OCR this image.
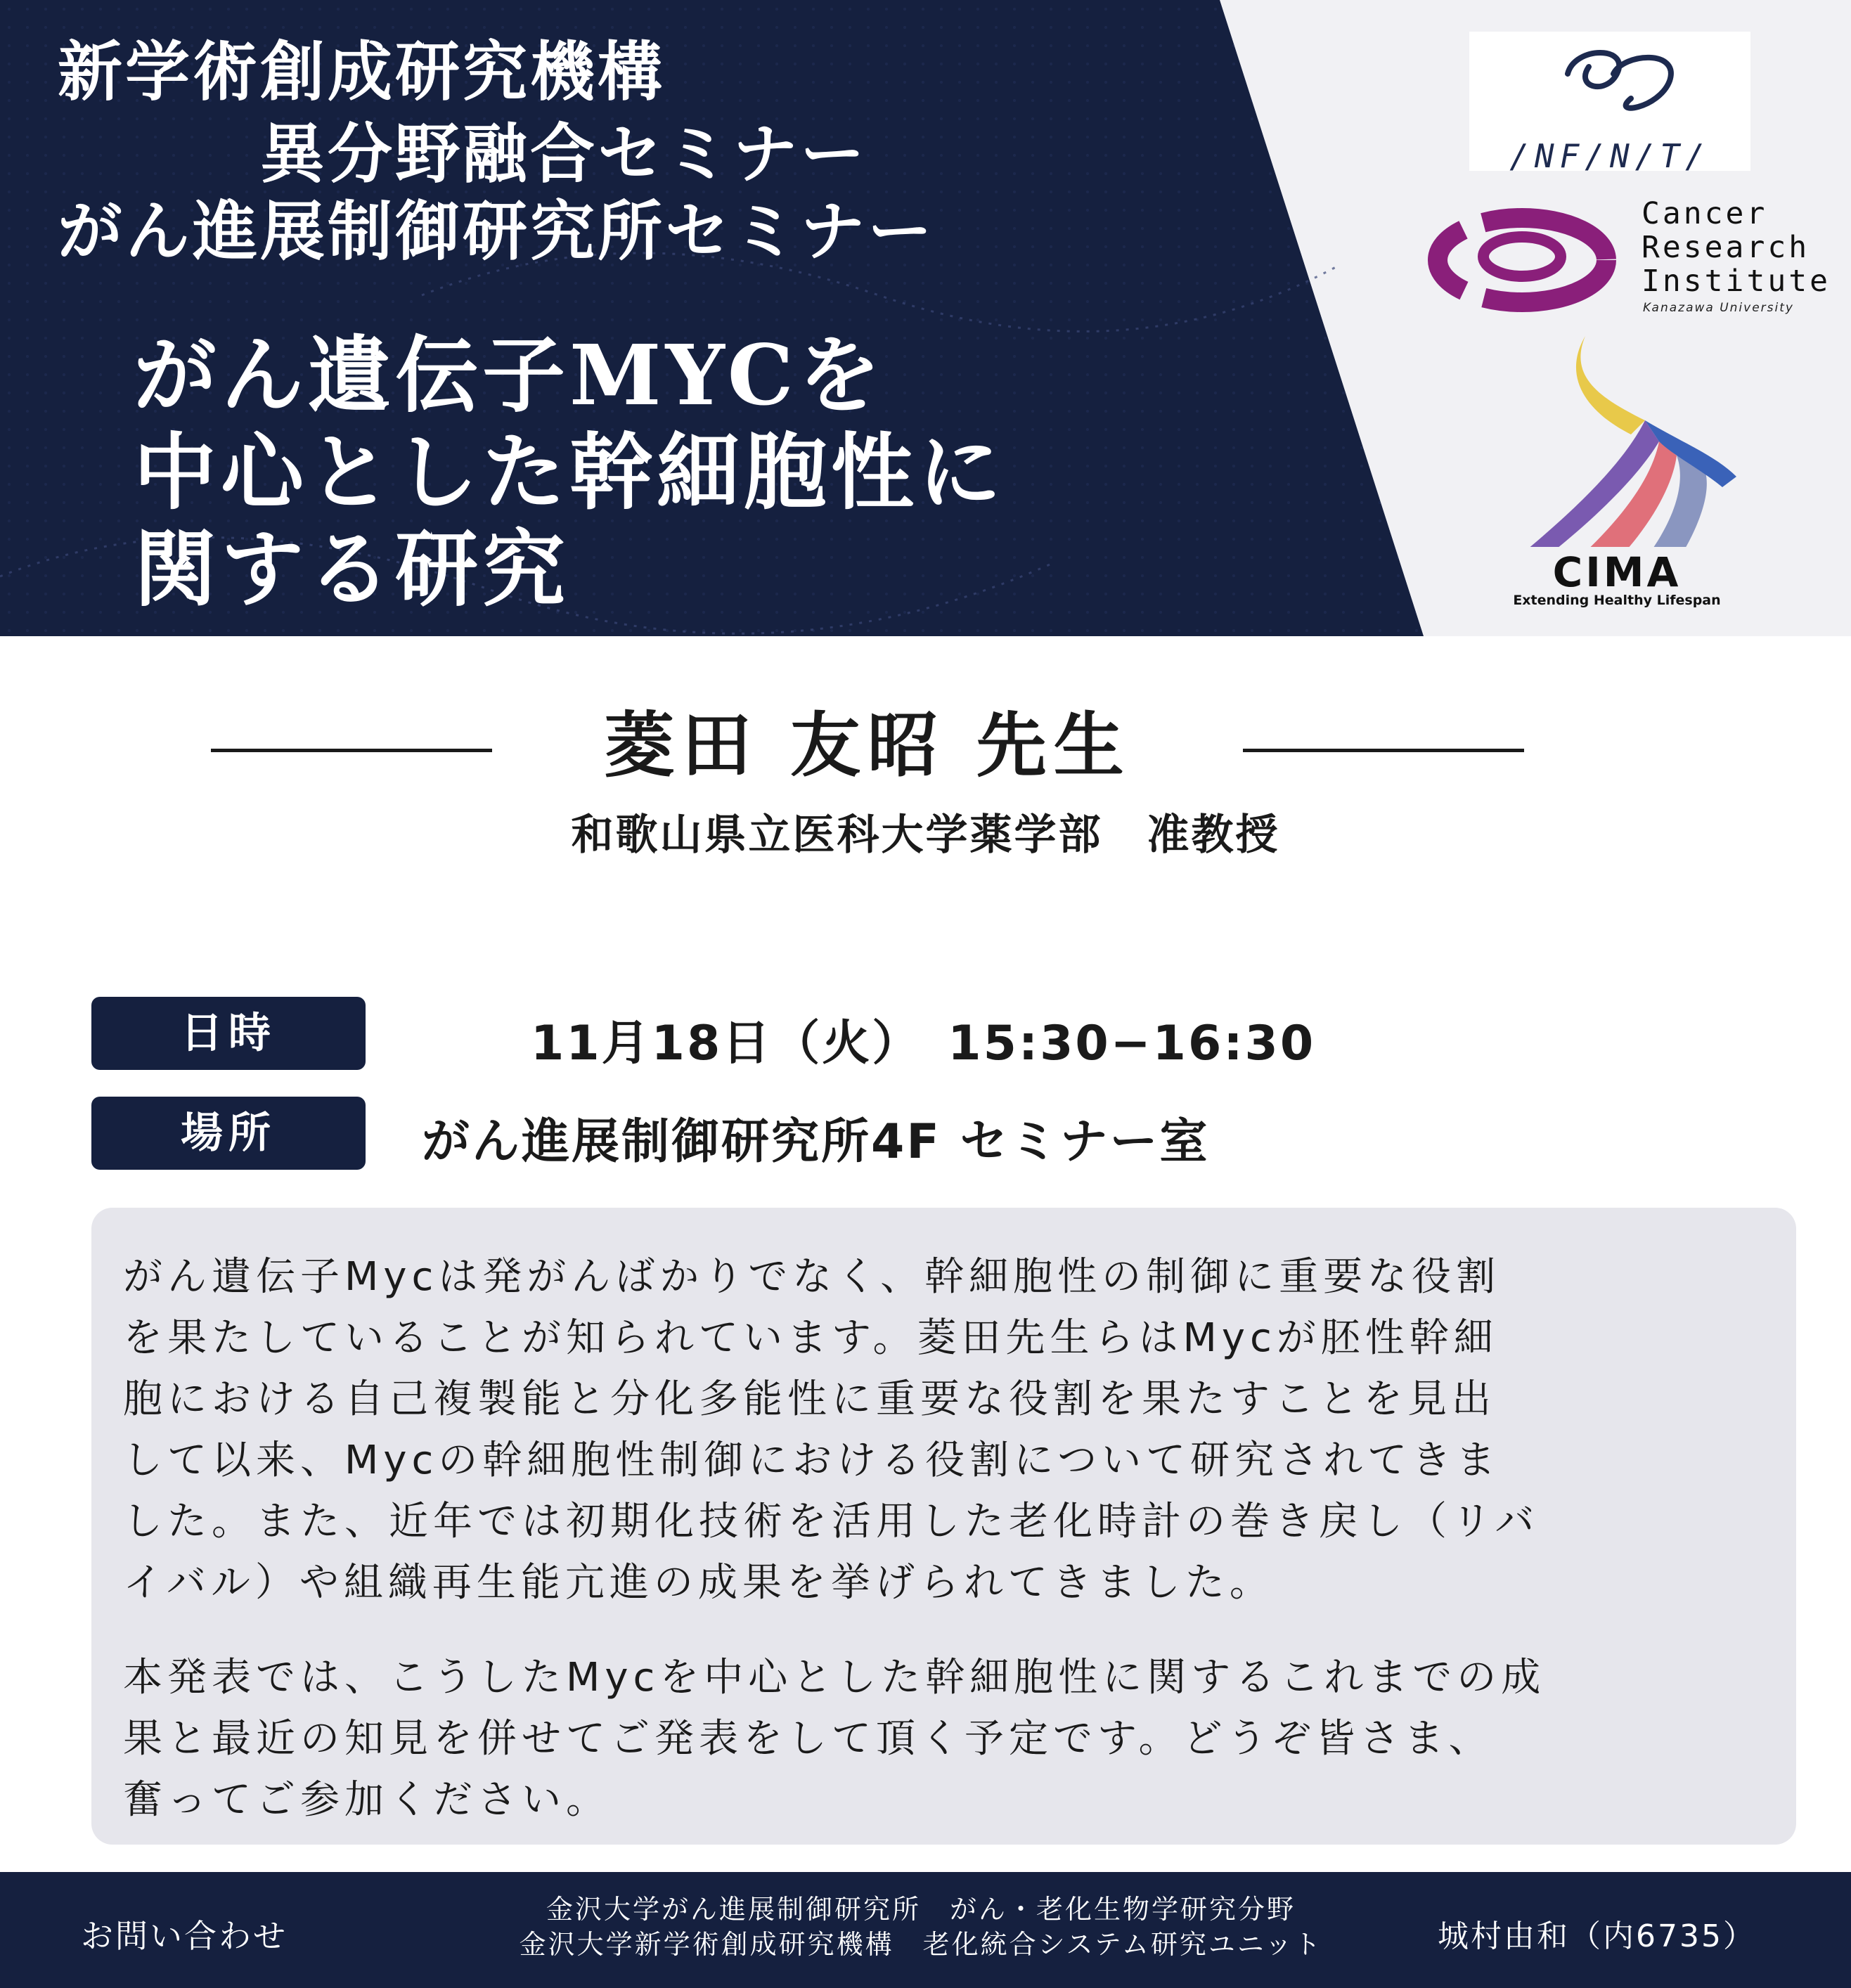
新学術創成研究機構
異分野融合セミナー
がん進展制御研究所セミナー
がん遺伝子MYCを
中心とした幹細胞性に
関する研究
/NF/N/T/
Cancer
Research
Institute
Kanazawa University
CIMA
Extending Healthy Lifespan
菱田 友昭 先生
和歌山県立医科大学薬学部　准教授
日時	11月18日（火）　15:30−16:30
場所	がん進展制御研究所4F セミナー室
がん遺伝子Mycは発がんばかりでなく、幹細胞性の制御に重要な役割
を果たしていることが知られています。菱田先生らはMycが胚性幹細
胞における自己複製能と分化多能性に重要な役割を果たすことを見出
して以来、Mycの幹細胞性制御における役割について研究されてきま
した。また、近年では初期化技術を活用した老化時計の巻き戻し（リバ
イバル）や組織再生能亢進の成果を挙げられてきました。
本発表では、こうしたMycを中心とした幹細胞性に関するこれまでの成
果と最近の知見を併せてご発表をして頂く予定です。どうぞ皆さま、
奮ってご参加ください。
お問い合わせ
金沢大学がん進展制御研究所　がん・老化生物学研究分野
金沢大学新学術創成研究機構　老化統合システム研究ユニット	城村由和（内6735）
